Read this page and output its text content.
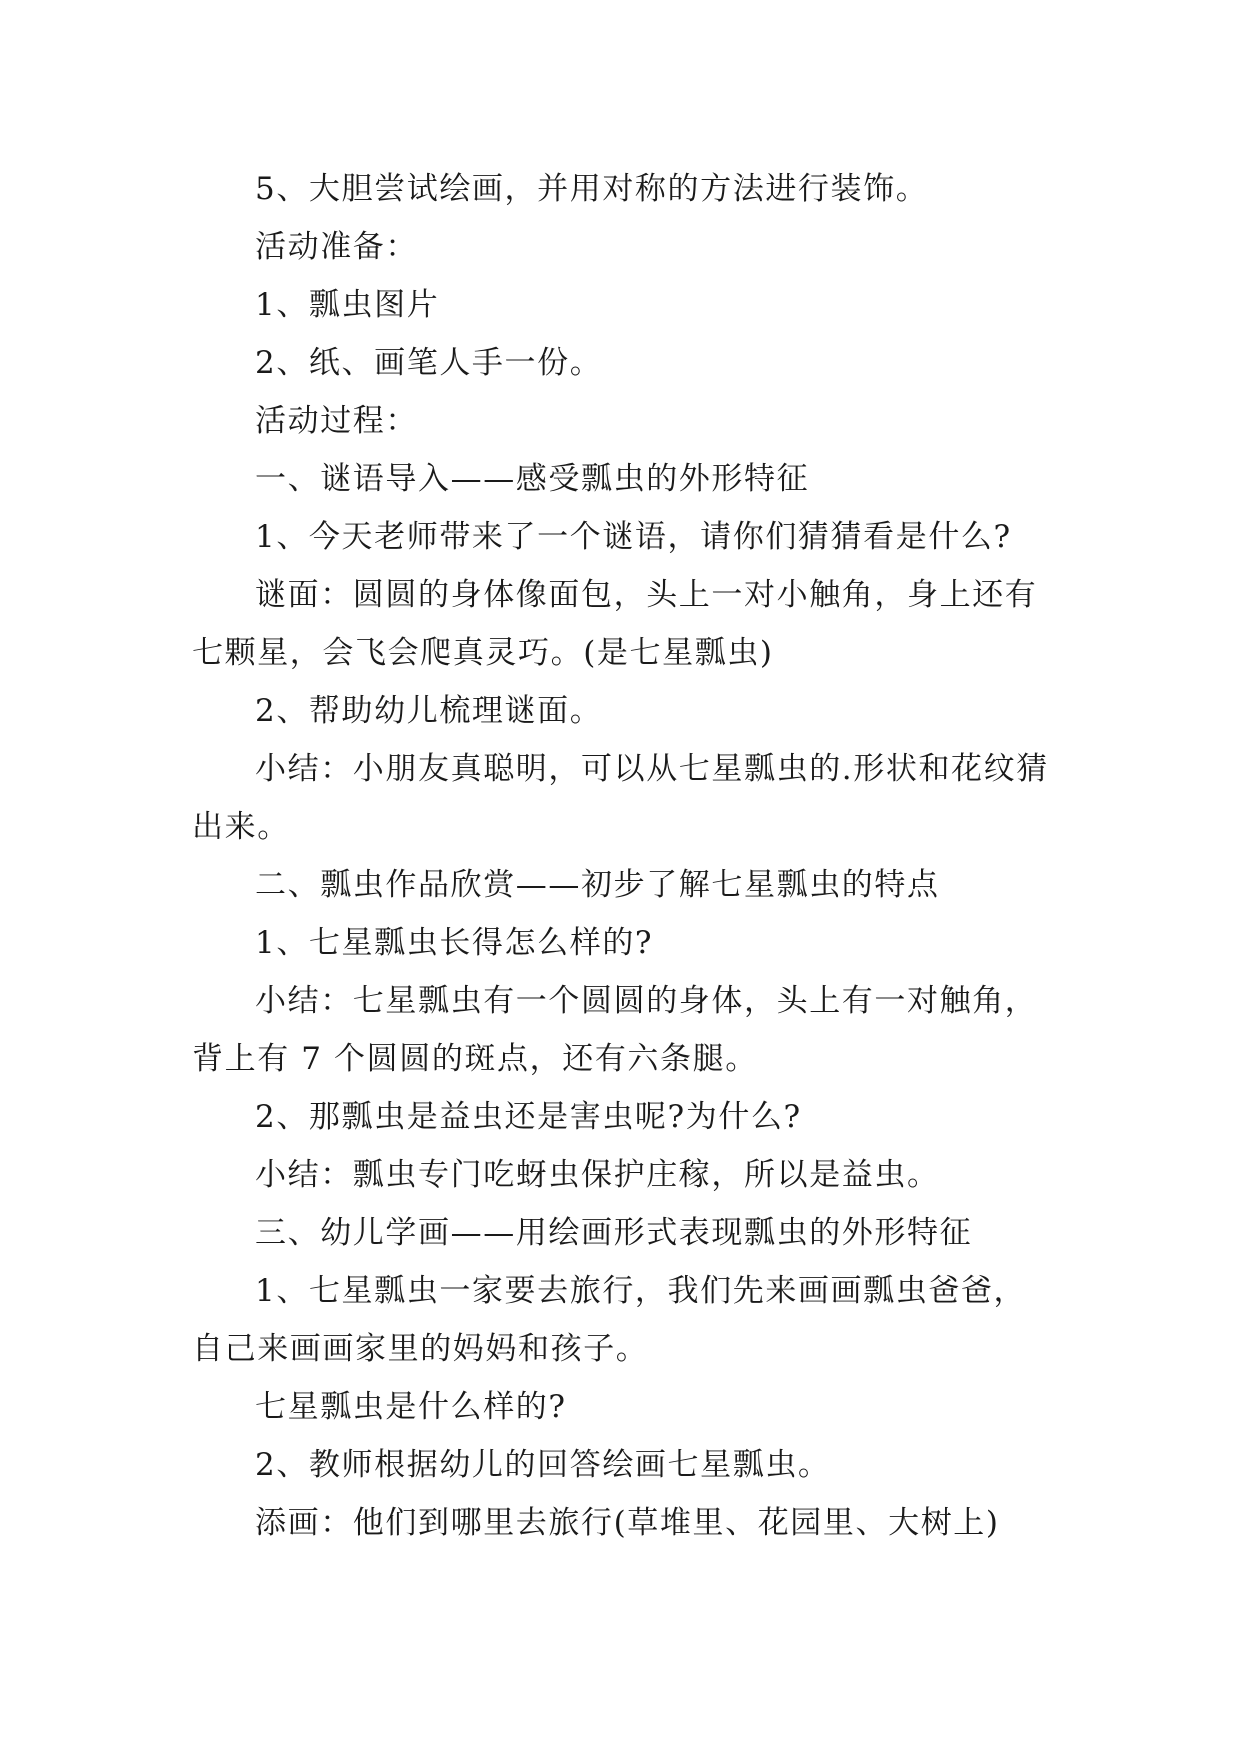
5、大胆尝试绘画，并用对称的方法进行装饰。

活动准备：

1、瓢虫图片

2、纸、画笔人手一份。

活动过程：

一、谜语导入——感受瓢虫的外形特征

1、今天老师带来了一个谜语，请你们猜猜看是什么?

谜面：圆圆的身体像面包，头上一对小触角，身上还有七颗星，会飞会爬真灵巧。(是七星瓢虫)

2、帮助幼儿梳理谜面。

小结：小朋友真聪明，可以从七星瓢虫的.形状和花纹猜出来。

二、瓢虫作品欣赏——初步了解七星瓢虫的特点

1、七星瓢虫长得怎么样的?

小结：七星瓢虫有一个圆圆的身体，头上有一对触角，背上有 7 个圆圆的斑点，还有六条腿。

2、那瓢虫是益虫还是害虫呢?为什么?

小结：瓢虫专门吃蚜虫保护庄稼，所以是益虫。

三、幼儿学画——用绘画形式表现瓢虫的外形特征

1、七星瓢虫一家要去旅行，我们先来画画瓢虫爸爸，自己来画画家里的妈妈和孩子。

七星瓢虫是什么样的?

2、教师根据幼儿的回答绘画七星瓢虫。

添画：他们到哪里去旅行(草堆里、花园里、大树上)
